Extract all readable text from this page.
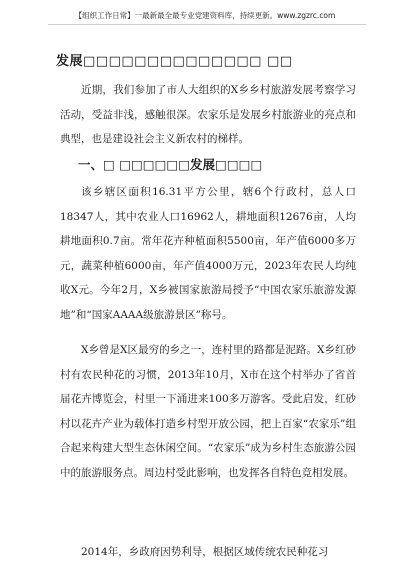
【组织工作日常】一最新最全最专业党建资料库，持续更新。www.zgzrc.com
发展□□□□□□□□□□□□□□ □□

近期，我们参加了市人大组织的X乡乡村旅游发展考察学习活动，受益非浅，感触很深。农家乐是发展乡村旅游业的亮点和典型，也是建设社会主义新农村的梯样。

一、□ □□□□□□发展□□□□

该乡辖区面积16.31平方公里，辖6个行政村，总人口18347人，其中农业人口16962人，耕地面积12676亩，人均耕地面积0.7亩。常年花卉种植面积5500亩，年产值6000多万元，蔬菜种植6000亩，年产值4000万元，2023年农民人均纯收X元。今年2月，X乡被国家旅游局授予“中国农家乐旅游发源地”和“国家AAAA级旅游景区”称号。

X乡曾是X区最穷的乡之一，连村里的路都是泥路。X乡红砂村有农民种花的习惯，2013年10月，X市在这个村举办了省首届花卉博览会，村里一下涌进来100多万游客。受此启发，红砂村以花卉产业为载体打造乡村型开放公园，把上百家“农家乐”组合起来构建大型生态休闲空间。“农家乐”成为乡村生态旅游公园中的旅游服务点。周边村受此影响，也发挥各自特色竞相发展。

2014年，乡政府因势利导，根据区域传统农民种花习
